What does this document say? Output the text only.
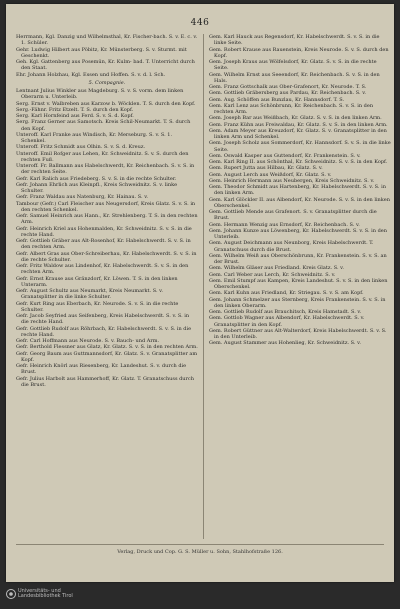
446

Herrmann, Kgl. Danzig und Wilhelmsthal, Kr. Fischer-bach. S. v. E. c. v. 1. Schüler.

Gehr. Ludwig Hilbert aus Pöbitz, Kr. Münsterberg. S. v. Sturmt. mit Geschenkt.

Geh. Kgl. Gattenberg aus Posemün, Kr. Kulm- bad. T. Unterricht durch den Staat.

Ehr. Johann Holzhau, Kgl. Essen und Hoffen. S. v. d. l. Sch.

5. Compagnie.

Lentnant Julius Winkler aus Magdeburg. S. v. S. vorm. dem linken Oberarm u. Unterleib.

Serg. Ernst v. Walbreben aus Karzow b. Wöcklen. T. S. durch den Kopf.

Serg.-Fähnr. Fritz Etzelt. T. S. durch den Kopf.

Serg. Karl Hornfeind aus Ferd. S. v. S. d. Kopf.

Serg. Franz Gerner aus Samotsch. Kreis Schil-Neumarkt. T. S. durch den Kopf.

Unteroff. Karl Franke aus Windisch, Kr. Merseburg. S. v. S. 1. Schenkel.

Unteroff. Fritz Schmidt aus Olhin. S. v. S. d. Kreuz.

Unteroff. Emil Rofger aus Lehen, Kr. Schweidnitz. S. v. S. durch den rechten Fuß.

Unteroff. Fr. Ballmann aus Habelschwerdt, Kr. Reichenbach. S. v. S. in der rechten Seite.

Gefr. Karl Ralich aus Friedeberg. S. v. S. in die rechte Schulter.

Gefr. Johann Ehrlich aus Kleinpfl., Kreis Schweidnitz. S. v. linke Schulter.

Gefr. Franz Waldau aus Natenburg, Kr. Hainau. S. v.

Tambour (Gefr.) Carl Fleischer aus Neugersdorf, Kreis Glatz. S. v. S. in den rechten Schenkel.

Gefr. Samuel Heinrich aus Hann., Kr. Strehlenberg. T. S. in den rechten Arm.

Gefr. Heinrich Kriel aus Hohenmalden, Kr. Schweidnitz. S. v. S. in die rechte Hand.

Gefr. Gottlieb Gräber aus Alt-Rosenhof, Kr. Habelschwerdt. S. v. S. in den rechten Arm.

Gefr. Albert Gras aus Ober-Schreiberhau, Kr. Habelschwerdt. S. v. S. in die rechte Schulter.

Gefr. Fritz Waldow aus Lindenhof, Kr. Habelschwerdt. S. v. S. in den rechten Arm.

Gefr. Ernst Krause aus Gränzdorf, Kr. Löwen. T. S. in den linken Unterarm.

Gefr. August Schultz aus Neumarkt, Kreis Neumarkt. S. v. Granatsplitter in die linke Schulter.

Gefr. Kurt Ring aus Eberbach, Kr. Neurode. S. v. S. in die rechte Schulter.

Gefr. Jacob Seyfried aus Seifenberg, Kreis Habelschwerdt. S. v. S. in die rechte Hand.

Gefr. Gottlieb Rudolf aus Röhrbach, Kr. Habelschwerdt. S. v. S. in die rechte Hand.

Gefr. Carl Hoffmann aus Neurode. S. v. Bauch- und Arm.

Gefr. Berthold Flessner aus Glatz, Kr. Glatz. S. v. S. in den rechten Arm.

Gefr. Georg Baum aus Guttmannsdorf, Kr. Glatz. S. v. Granatsplitter am Kopf.

Gefr. Heinrich Knörl aus Riesenberg, Kr. Landeshut. S. v. durch die Brust.

Gefr. Julius Harbolt aus Hammerhoff, Kr. Glatz. T. Granatschuss durch die Brust.

Gem. Karl Hauck aus Regensdorf, Kr. Habelschwerdt. S. v. S. in die linke Seite.

Gem. Robert Krause aus Rauenstein, Kreis Neurode. S. v. S. durch den Kopf.

Gem. Joseph Kraus aus Wölfelsdorf, Kr. Glatz. S. v. S. in die rechte Seite.

Gem. Wilhelm Ernst aus Seeendorf, Kr. Reichenbach. S. v. S. in den Hals.

Gem. Franz Gottschalk aus Ober-Grafenort, Kr. Neurode. T. S.

Gem. Gottlieb Gräbersberg aus Pardau, Kr. Reichenbach. S. v.

Gem. Aug. Schöffen aus Bunzlau, Kr. Hannsdorf. T. S.

Gem. Karl Lenz aus Schönbrunn, Kr. Reichenbach. S. v. S. in den rechten Arm.

Gem. Joseph Bar aus Weißbach, Kr. Glatz. S. v. S. in den linken Arm.

Gem. Franz Kühn aus Freiwaldau, Kr. Glatz. S. v. S. in den linken Arm.

Gem. Adam Meyer aus Kreuzdorf, Kr. Glatz. S. v. Granatsplitter in den linken Arm und Schenkel.

Gem. Joseph Scholz aus Sommerdorf, Kr. Hannsdorf. S. v. S. in die linke Seite.

Gem. Oswald Kasper aus Guttendorf, Kr. Frankenstein. S. v.

Gem. Karl Ring II. aus Schönthal, Kr. Schweidnitz. S. v. S. in den Kopf.

Gem. Rupert Jutta aus Hilbau, Kr. Glatz. S. v.

Gem. August Lerch aus Weißdorf, Kr. Glatz. S. v.

Gem. Heinrich Hermann aus Neubergen, Kreis Schweidnitz. S. v.

Gem. Theodor Schmidt aus Hartenberg, Kr. Habelschwerdt. S. v. S. in den linken Arm.

Gem. Karl Glöckler II. aus Albendorf, Kr. Neurode. S. v. S. in den linken Oberschenkel.

Gem. Gottlieb Mende aus Grafenort. S. v. Granatsplitter durch die Brust.

Gem. Hermann Wenzig aus Ernsdorf, Kr. Reichenbach. S. v.

Gem. Johann Kunze aus Löwenberg, Kr. Habelschwerdt. S. v. S. in den Unterleib.

Gem. August Deichmann aus Neunborg, Kreis Habelschwerdt. T. Granatschuss durch die Brust.

Gem. Wilhelm Weiß aus Oberschönbrunn, Kr. Frankenstein. S. v. S. an der Brust.

Gem. Wilhelm Gläser aus Friedland. Kreis Glatz. S. v.

Gem. Carl Weber aus Lerch, Kr. Schweidnitz. S. v.

Gem. Emil Stumpf aus Kampen, Kreis Landeshut. S. v. S. in den linken Oberschenkel.

Gem. Karl Kuhn aus Friedland, Kr. Striegau. S. v. S. am Kopf.

Gem. Johann Schmelzer aus Sternberg, Kreis Frankenstein. S. v. S. in den linken Oberarm.

Gem. Gottlieb Rudolf aus Brauchitsch, Kreis Hamstadt. S. v.

Gem. Gottlob Wagner aus Albendorf, Kr. Habelschwerdt. S. v. Granatsplitter in den Kopf.

Gem. Robert Güttner aus Alt-Walterdorf, Kreis Habelschwerdt. S. v. S. in den Unterleib.

Gem. August Stammer aus Hohenlieg, Kr. Schweidnitz. S. v.

Verlag, Druck und Cop. G. S. Müller u. Sohn, Stahlhofstraße 126.
Universitäts- und
Landesbibliothek Tirol
